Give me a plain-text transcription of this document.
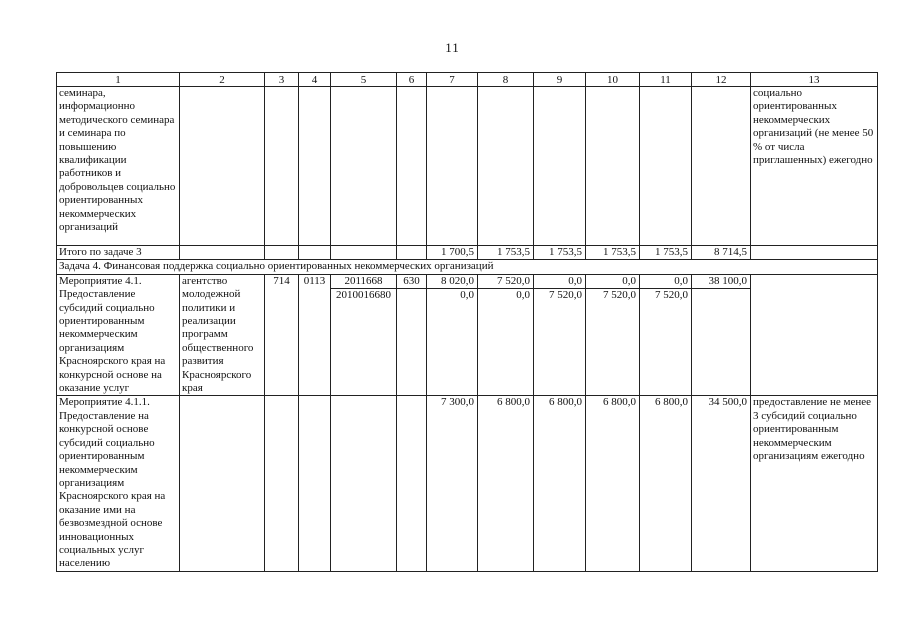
11
1	2	3	4	5	6	7	8	9	10	11	12	13
семинара, информационно методического семинара и семинара по повышению квалификации работников и добровольцев социально ориентированных некоммерческих организаций												социально ориентированных некоммерческих организаций (не менее 50 % от числа приглашенных) ежегодно
Итого по задаче 3						1 700,5	1 753,5	1 753,5	1 753,5	1 753,5	8 714,5	
Задача 4. Финансовая поддержка социально ориентированных некоммерческих организаций												
Мероприятие 4.1. Предоставление субсидий социально ориентированным некоммерческим организациям Красноярского края на конкурсной основе на оказание услуг	агентство молодежной политики и реализации программ общественного развития Красноярского края	714	0113	2011668	630	8 020,0	7 520,0	0,0	0,0	0,0	38 100,0	
				2010016680		0,0	0,0	7 520,0	7 520,0	7 520,0		
Мероприятие 4.1.1. Предоставление на конкурсной основе субсидий социально ориентированным некоммерческим организациям Красноярского края на оказание ими на безвозмездной основе инновационных социальных услуг населению						7 300,0	6 800,0	6 800,0	6 800,0	6 800,0	34 500,0	предоставление не менее 3 субсидий социально ориентированным некоммерческим организациям ежегодно
